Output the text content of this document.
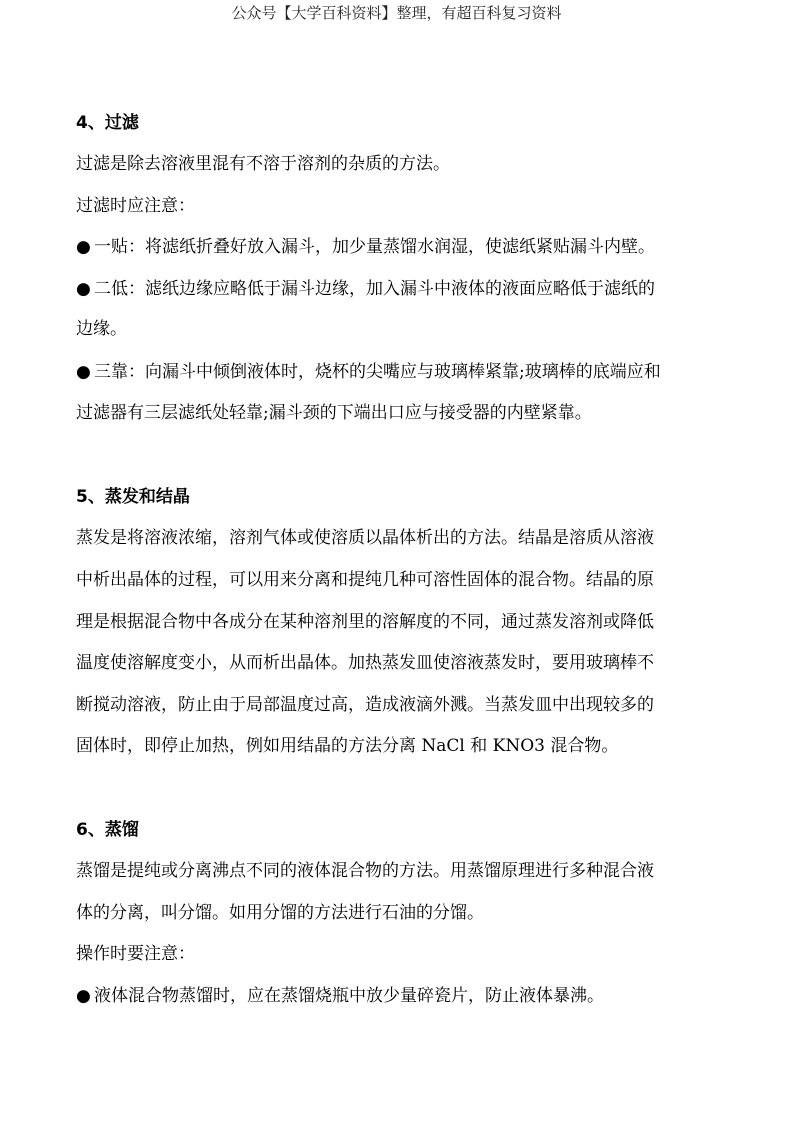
公众号【大学百科资料】整理，有超百科复习资料
4、过滤
过滤是除去溶液里混有不溶于溶剂的杂质的方法。
过滤时应注意：
● 一贴：将滤纸折叠好放入漏斗，加少量蒸馏水润湿，使滤纸紧贴漏斗内壁。
● 二低：滤纸边缘应略低于漏斗边缘，加入漏斗中液体的液面应略低于滤纸的
边缘。
● 三靠：向漏斗中倾倒液体时，烧杯的尖嘴应与玻璃棒紧靠;玻璃棒的底端应和
过滤器有三层滤纸处轻靠;漏斗颈的下端出口应与接受器的内壁紧靠。
5、蒸发和结晶
蒸发是将溶液浓缩，溶剂气体或使溶质以晶体析出的方法。结晶是溶质从溶液
中析出晶体的过程，可以用来分离和提纯几种可溶性固体的混合物。结晶的原
理是根据混合物中各成分在某种溶剂里的溶解度的不同，通过蒸发溶剂或降低
温度使溶解度变小，从而析出晶体。加热蒸发皿使溶液蒸发时，要用玻璃棒不
断搅动溶液，防止由于局部温度过高，造成液滴外溅。当蒸发皿中出现较多的
固体时，即停止加热，例如用结晶的方法分离 NaCl 和 KNO3 混合物。
6、蒸馏
蒸馏是提纯或分离沸点不同的液体混合物的方法。用蒸馏原理进行多种混合液
体的分离，叫分馏。如用分馏的方法进行石油的分馏。
操作时要注意：
● 液体混合物蒸馏时，应在蒸馏烧瓶中放少量碎瓷片，防止液体暴沸。
